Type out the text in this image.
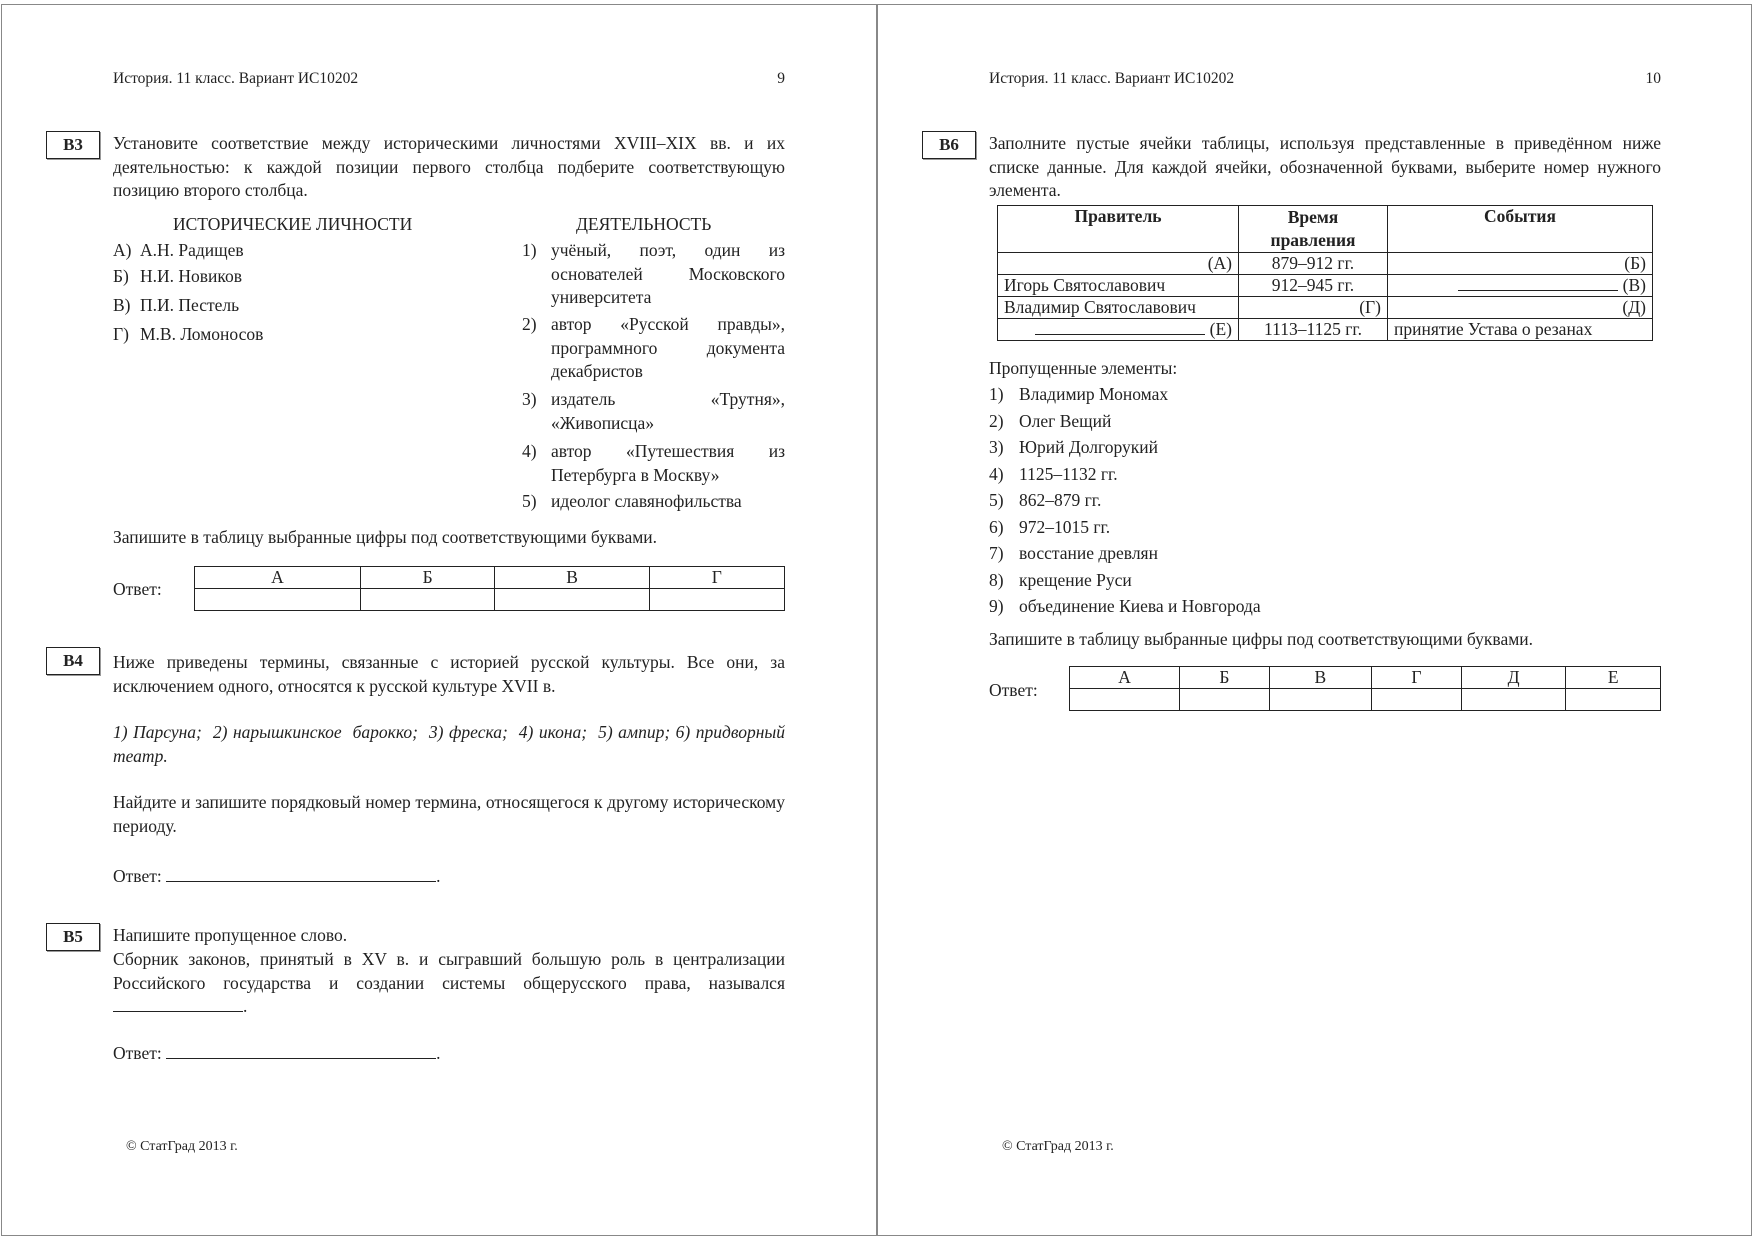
История. 11 класс. Вариант ИС10202	9
В3	Установите соответствие между историческими личностями XVIII–XIX вв. и их деятельностью: к каждой позиции первого столбца подберите соответствующую позицию второго столбца.
ИСТОРИЧЕСКИЕ ЛИЧНОСТИ	ДЕЯТЕЛЬНОСТЬ
А) А.Н. Радищев
Б) Н.И. Новиков
В) П.И. Пестель
Г) М.В. Ломоносов
1) учёный, поэт, один из основателей Московского университета
2) автор «Русской правды», программного документа декабристов
3) издатель «Трутня», «Живописца»
4) автор «Путешествия из Петербурга в Москву»
5) идеолог славянофильства
Запишите в таблицу выбранные цифры под соответствующими буквами.
Ответ:
А	Б	В	Г

В4	Ниже приведены термины, связанные с историей русской культуры. Все они, за исключением одного, относятся к русской культуре XVII в.
1) Парсуна;  2) нарышкинское  барокко;  3) фреска;  4) икона;  5) ампир; 6) придворный театр.
Найдите и запишите порядковый номер термина, относящегося к другому историческому периоду.
Ответ:	.
В5	Напишите пропущенное слово.
Сборник законов, принятый в XV в. и сыгравший большую роль в централизации Российского государства и создании системы общерусского права, назывался.
Ответ:	.
© СтатГрад 2013 г.
История. 11 класс. Вариант ИС10202	10
В6	Заполните пустые ячейки таблицы, используя представленные в приведённом ниже списке данные. Для каждой ячейки, обозначенной буквами, выберите номер нужного элемента.
Правитель	Время правления	События
(А)	879–912 гг.	(Б)
Игорь Святославович	912–945 гг.	(В)
Владимир Святославович	(Г)	(Д)
(Е)	1113–1125 гг.	принятие Устава о резанах
Пропущенные элементы:
1) Владимир Мономах
2) Олег Вещий
3) Юрий Долгорукий
4) 1125–1132 гг.
5) 862–879 гг.
6) 972–1015 гг.
7) восстание древлян
8) крещение Руси
9) объединение Киева и Новгорода
Запишите в таблицу выбранные цифры под соответствующими буквами.
Ответ:
А	Б	В	Г	Д	Е

© СтатГрад 2013 г.
